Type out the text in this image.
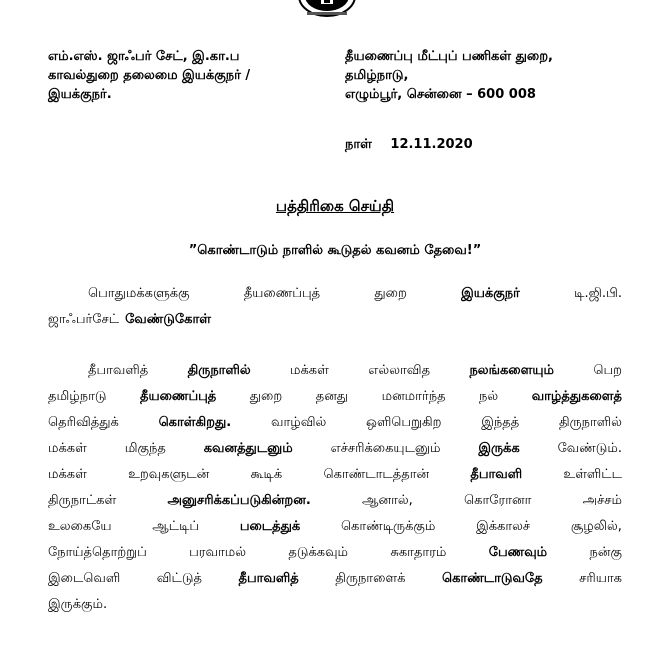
எம்.எஸ். ஜாஃபர் சேட், இ.கா.ப
காவல்துறை தலைமை இயக்குநர் /
இயக்குநர்.
தீயணைப்பு மீட்புப் பணிகள் துறை,
தமிழ்நாடு,
எழும்பூர், சென்னை – 600 008
நாள் 12.11.2020
பத்திரிகை செய்தி
”கொண்டாடும் நாளில் கூடுதல் கவனம் தேவை!”
பொதுமக்களுக்கு	தீயணைப்புத்	துறை	இயக்குநர்	டி.ஜி.பி.
ஜாஃபர்சேட் வேண்டுகோள்
தீபாவளித்	திருநாளில்	மக்கள்	எல்லாவித	நலங்களையும்	பெற
தமிழ்நாடு	தீயணைப்புத்	துறை	தனது	மனமார்ந்த	நல்	வாழ்த்துகளைத்
தெரிவித்துக்	கொள்கிறது.	வாழ்வில்	ஒளிபெறுகிற	இந்தத்	திருநாளில்
மக்கள்	மிகுந்த	கவனத்துடனும்	எச்சரிக்கையுடனும்	இருக்க	வேண்டும்.
மக்கள்	உறவுகளுடன்	கூடிக்	கொண்டாடத்தான்	தீபாவளி	உள்ளிட்ட
திருநாட்கள்	அனுசரிக்கப்படுகின்றன.	ஆனால்,	கொரோனா	அச்சம்
உலகையே	ஆட்டிப்	படைத்துக்	கொண்டிருக்கும்	இக்காலச்	சூழலில்,
நோய்த்தொற்றுப்	பரவாமல்	தடுக்கவும்	சுகாதாரம்	பேணவும்	நன்கு
இடைவெளி	விட்டுத்	தீபாவளித்	திருநாளைக்	கொண்டாடுவதே	சரியாக
இருக்கும்.
